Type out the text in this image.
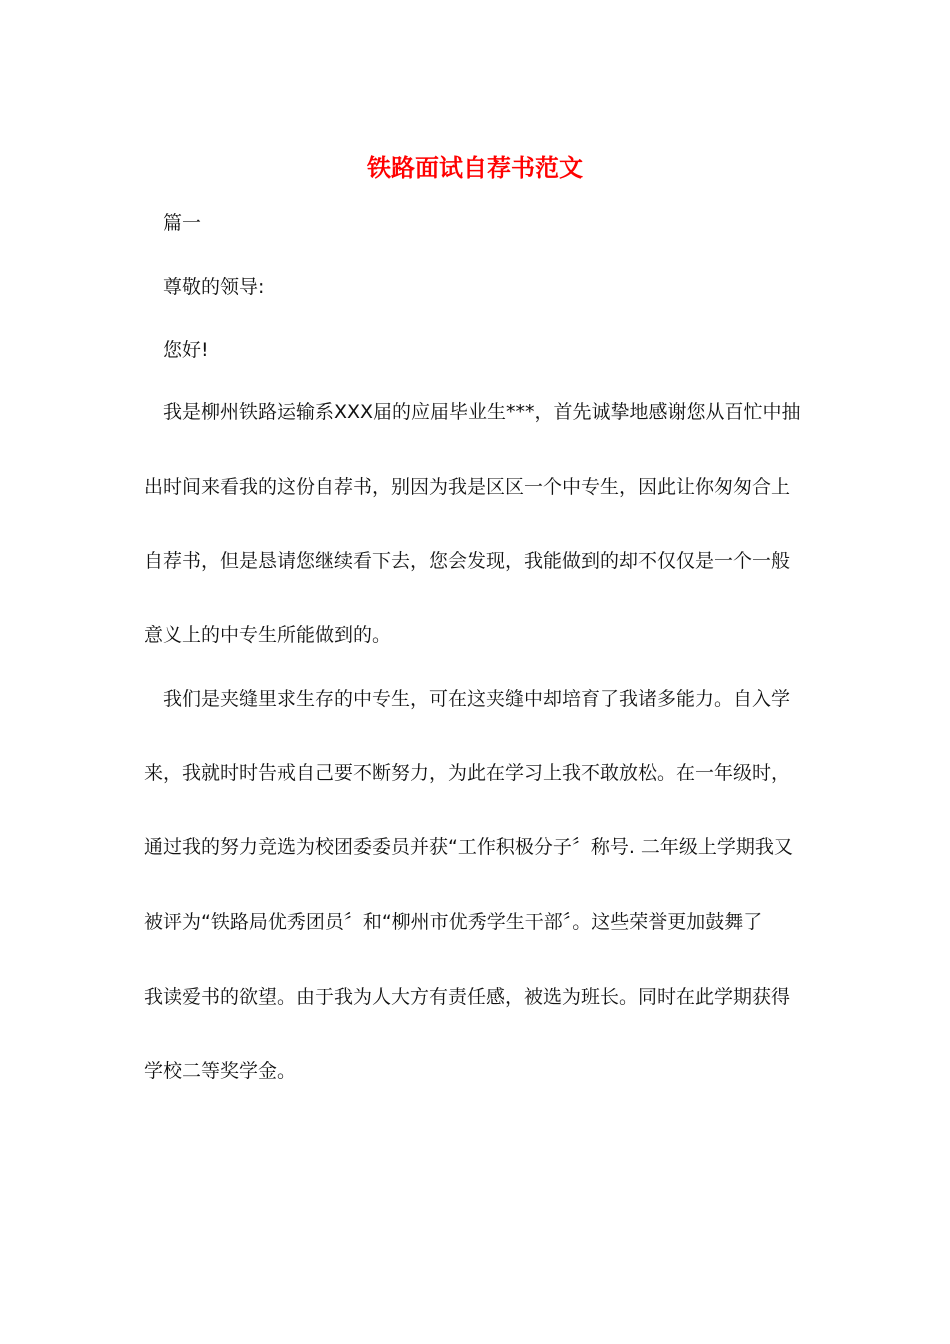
铁路面试自荐书范文
篇一
尊敬的领导:
您好!
我是柳州铁路运输系XXX届的应届毕业生***，首先诚挚地感谢您从百忙中抽
出时间来看我的这份自荐书，别因为我是区区一个中专生，因此让你匆匆合上
自荐书，但是恳请您继续看下去，您会发现，我能做到的却不仅仅是一个一般
意义上的中专生所能做到的。
我们是夹缝里求生存的中专生，可在这夹缝中却培育了我诸多能力。自入学
来，我就时时告戒自己要不断努力，为此在学习上我不敢放松。在一年级时，
通过我的努力竞选为校团委委员并获“工作积极分子〞称号. 二年级上学期我又
被评为“铁路局优秀团员〞和“柳州市优秀学生干部〞。这些荣誉更加鼓舞了
我读爱书的欲望。由于我为人大方有责任感，被选为班长。同时在此学期获得
学校二等奖学金。
